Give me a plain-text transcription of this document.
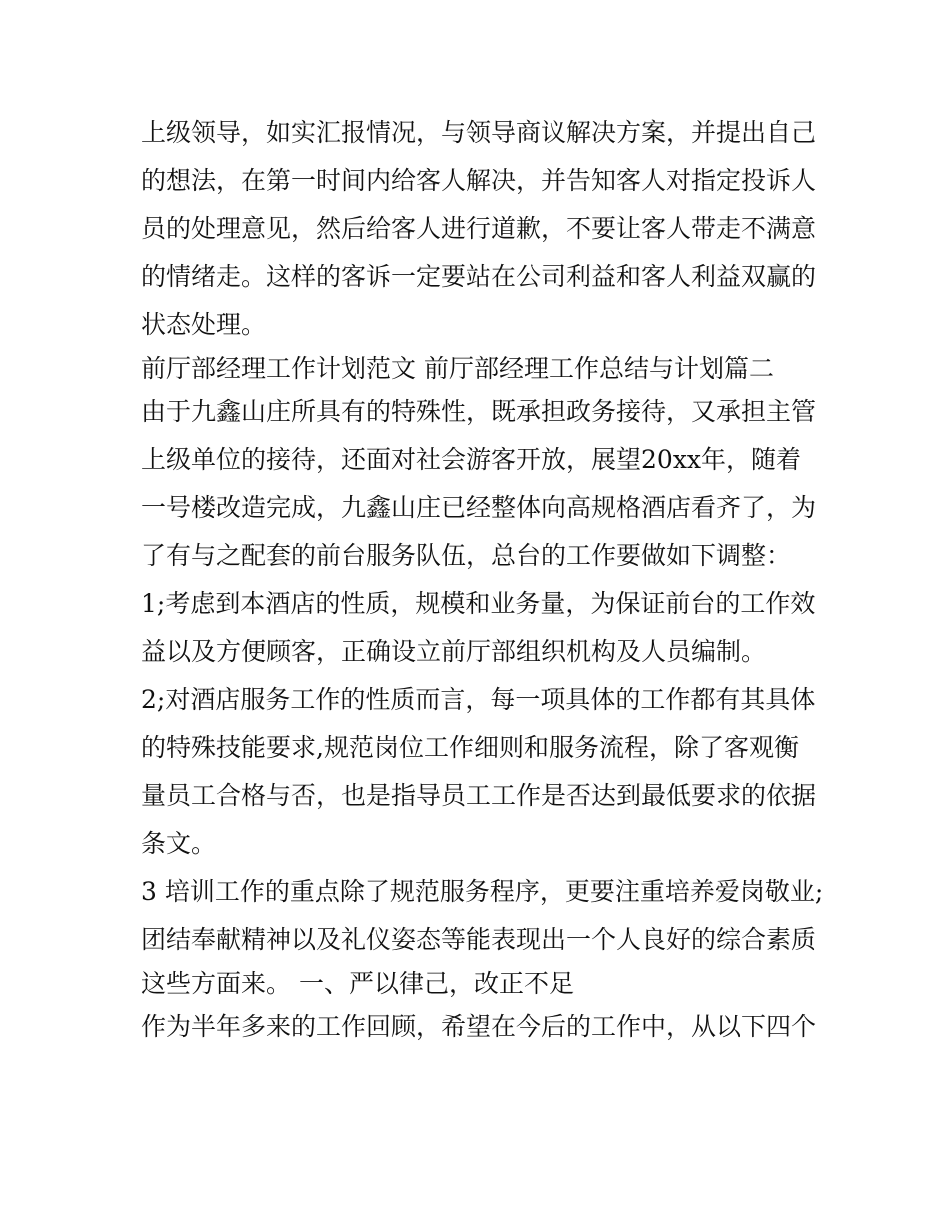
上级领导，如实汇报情况，与领导商议解决方案，并提出自己
的想法，在第一时间内给客人解决，并告知客人对指定投诉人
员的处理意见，然后给客人进行道歉，不要让客人带走不满意
的情绪走。这样的客诉一定要站在公司利益和客人利益双赢的
状态处理。
前厅部经理工作计划范文 前厅部经理工作总结与计划篇二
由于九鑫山庄所具有的特殊性，既承担政务接待，又承担主管
上级单位的接待，还面对社会游客开放，展望20xx年，随着
一号楼改造完成，九鑫山庄已经整体向高规格酒店看齐了，为
了有与之配套的前台服务队伍，总台的工作要做如下调整：
1;考虑到本酒店的性质，规模和业务量，为保证前台的工作效
益以及方便顾客，正确设立前厅部组织机构及人员编制。
2;对酒店服务工作的性质而言，每一项具体的工作都有其具体
的特殊技能要求,规范岗位工作细则和服务流程，除了客观衡
量员工合格与否，也是指导员工工作是否达到最低要求的依据
条文。
3 培训工作的重点除了规范服务程序，更要注重培养爱岗敬业;
团结奉献精神以及礼仪姿态等能表现出一个人良好的综合素质
这些方面来。 一、严以律己，改正不足
作为半年多来的工作回顾，希望在今后的工作中，从以下四个
